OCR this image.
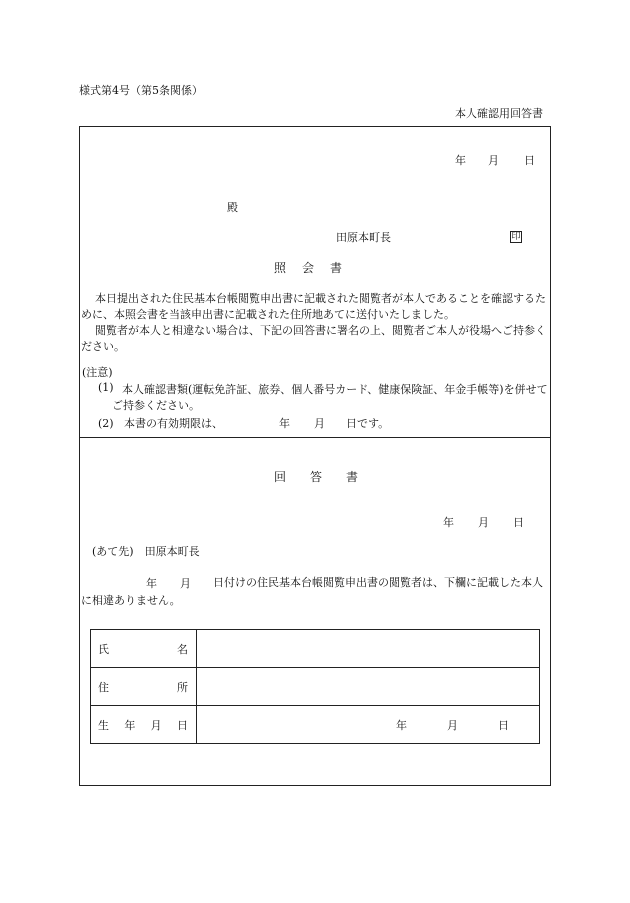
様式第4号（第5条関係）
本人確認用回答書
年 月 日
殿
田原本町長	印
照　会　書
本日提出された住民基本台帳閲覧申出書に記載された閲覧者が本人であることを確認するために、本照会書を当該申出書に記載された住所地あてに送付いたしました。
閲覧者が本人と相違ない場合は、下記の回答書に署名の上、閲覧者ご本人が役場へご持参ください。
(注意)
(1) 本人確認書類(運転免許証、旅券、個人番号カード、健康保険証、年金手帳等)を併せてご持参ください。
(2) 本書の有効期限は、	年 月 日です。
回　　答　　書
年 月 日
(あて先)　田原本町長
年 月	日付けの住民基本台帳閲覧申出書の閲覧者は、下欄に記載した本人に相違ありません。
氏 名	

住 所	

生 年 月 日	年 月 日
